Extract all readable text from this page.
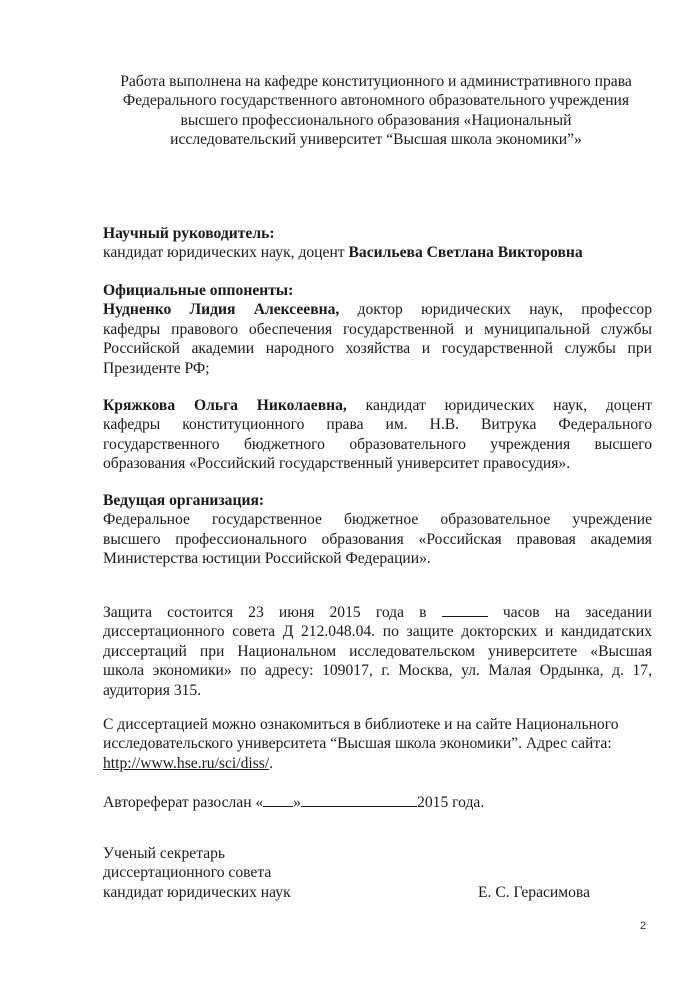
Работа выполнена на кафедре конституционного и административного права
Федерального государственного автономного образовательного учреждения
высшего профессионального образования «Национальный
исследовательский университет “Высшая школа экономики”»
Научный руководитель:
кандидат юридических наук, доцент Васильева Светлана Викторовна
Официальные оппоненты:
Нудненко Лидия Алексеевна, доктор юридических наук, профессор
кафедры правового обеспечения государственной и муниципальной службы
Российской академии народного хозяйства и государственной службы при
Президенте РФ;
Кряжкова Ольга Николаевна, кандидат юридических наук, доцент
кафедры конституционного права им. Н.В. Витрука Федерального
государственного бюджетного образовательного учреждения высшего
образования «Российский государственный университет правосудия».
Ведущая организация:
Федеральное государственное бюджетное образовательное учреждение
высшего профессионального образования «Российская правовая академия
Министерства юстиции Российской Федерации».
Защита состоится 23 июня 2015 года в	часов на заседании
диссертационного совета Д 212.048.04. по защите докторских и кандидатских
диссертаций при Национальном исследовательском университете «Высшая
школа экономики» по адресу: 109017, г. Москва, ул. Малая Ордынка, д. 17,
аудитория 315.
С диссертацией можно ознакомиться в библиотеке и на сайте Национального
исследовательского университета “Высшая школа экономики”. Адрес сайта:
http://www.hse.ru/sci/diss/.
Автореферат разослан « »	2015 года.
Ученый секретарь
диссертационного совета
кандидат юридических наук	Е. С. Герасимова
2
